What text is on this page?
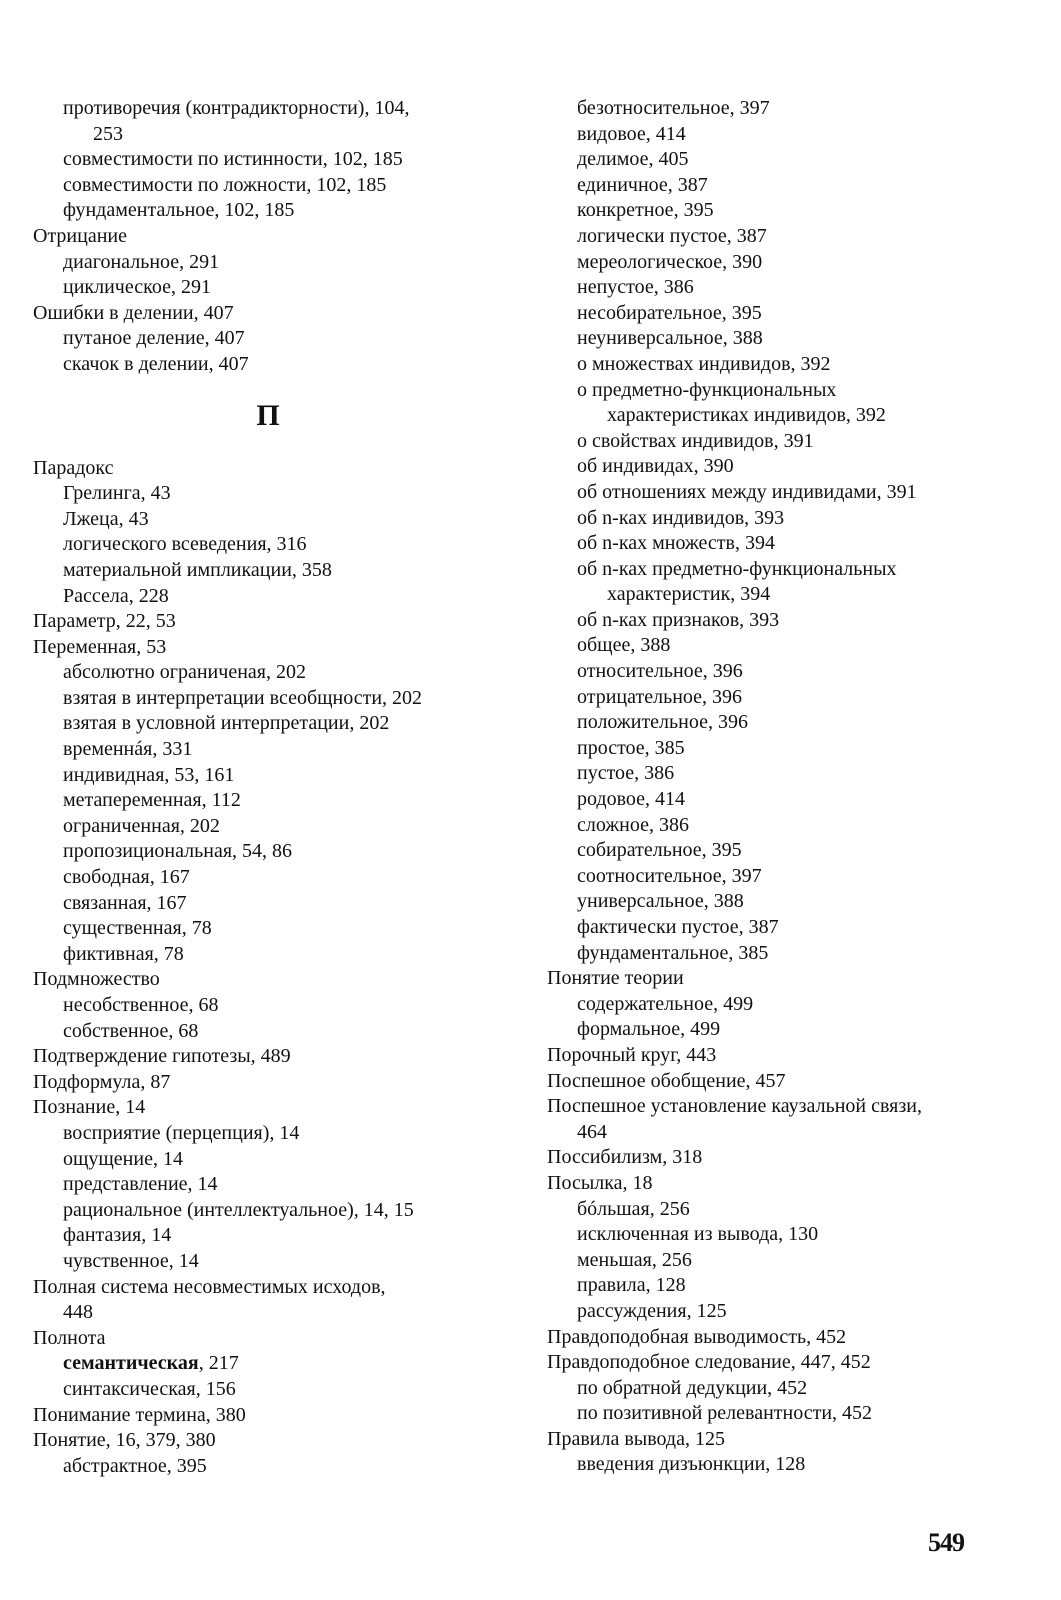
противоречия (контрадикторности), 104,
253
совместимости по истинности, 102, 185
совместимости по ложности, 102, 185
фундаментальное, 102, 185
Отрицание
диагональное, 291
циклическое, 291
Ошибки в делении, 407
путаное деление, 407
скачок в делении, 407
П
Парадокс
Грелинга, 43
Лжеца, 43
логического всеведения, 316
материальной импликации, 358
Рассела, 228
Параметр, 22, 53
Переменная, 53
абсолютно ограниченая, 202
взятая в интерпретации всеобщности, 202
взятая в условной интерпретации, 202
временнáя, 331
индивидная, 53, 161
метапеременная, 112
ограниченная, 202
пропозициональная, 54, 86
свободная, 167
связанная, 167
существенная, 78
фиктивная, 78
Подмножество
несобственное, 68
собственное, 68
Подтверждение гипотезы, 489
Подформула, 87
Познание, 14
восприятие (перцепция), 14
ощущение, 14
представление, 14
рациональное (интеллектуальное), 14, 15
фантазия, 14
чувственное, 14
Полная система несовместимых исходов,
448
Полнота
семантическая, 217
синтаксическая, 156
Понимание термина, 380
Понятие, 16, 379, 380
абстрактное, 395
безотносительное, 397
видовое, 414
делимое, 405
единичное, 387
конкретное, 395
логически пустое, 387
мереологическое, 390
непустое, 386
несобирательное, 395
неуниверсальное, 388
о множествах индивидов, 392
о предметно-функциональных
характеристиках индивидов, 392
о свойствах индивидов, 391
об индивидах, 390
об отношениях между индивидами, 391
об n-ках индивидов, 393
об n-ках множеств, 394
об n-ках предметно-функциональных
характеристик, 394
об n-ках признаков, 393
общее, 388
относительное, 396
отрицательное, 396
положительное, 396
простое, 385
пустое, 386
родовое, 414
сложное, 386
собирательное, 395
соотносительное, 397
универсальное, 388
фактически пустое, 387
фундаментальное, 385
Понятие теории
содержательное, 499
формальное, 499
Порочный круг, 443
Поспешное обобщение, 457
Поспешное установление каузальной связи,
464
Поссибилизм, 318
Посылка, 18
бóльшая, 256
исключенная из вывода, 130
меньшая, 256
правила, 128
рассуждения, 125
Правдоподобная выводимость, 452
Правдоподобное следование, 447, 452
по обратной дедукции, 452
по позитивной релевантности, 452
Правила вывода, 125
введения дизъюнкции, 128
549
